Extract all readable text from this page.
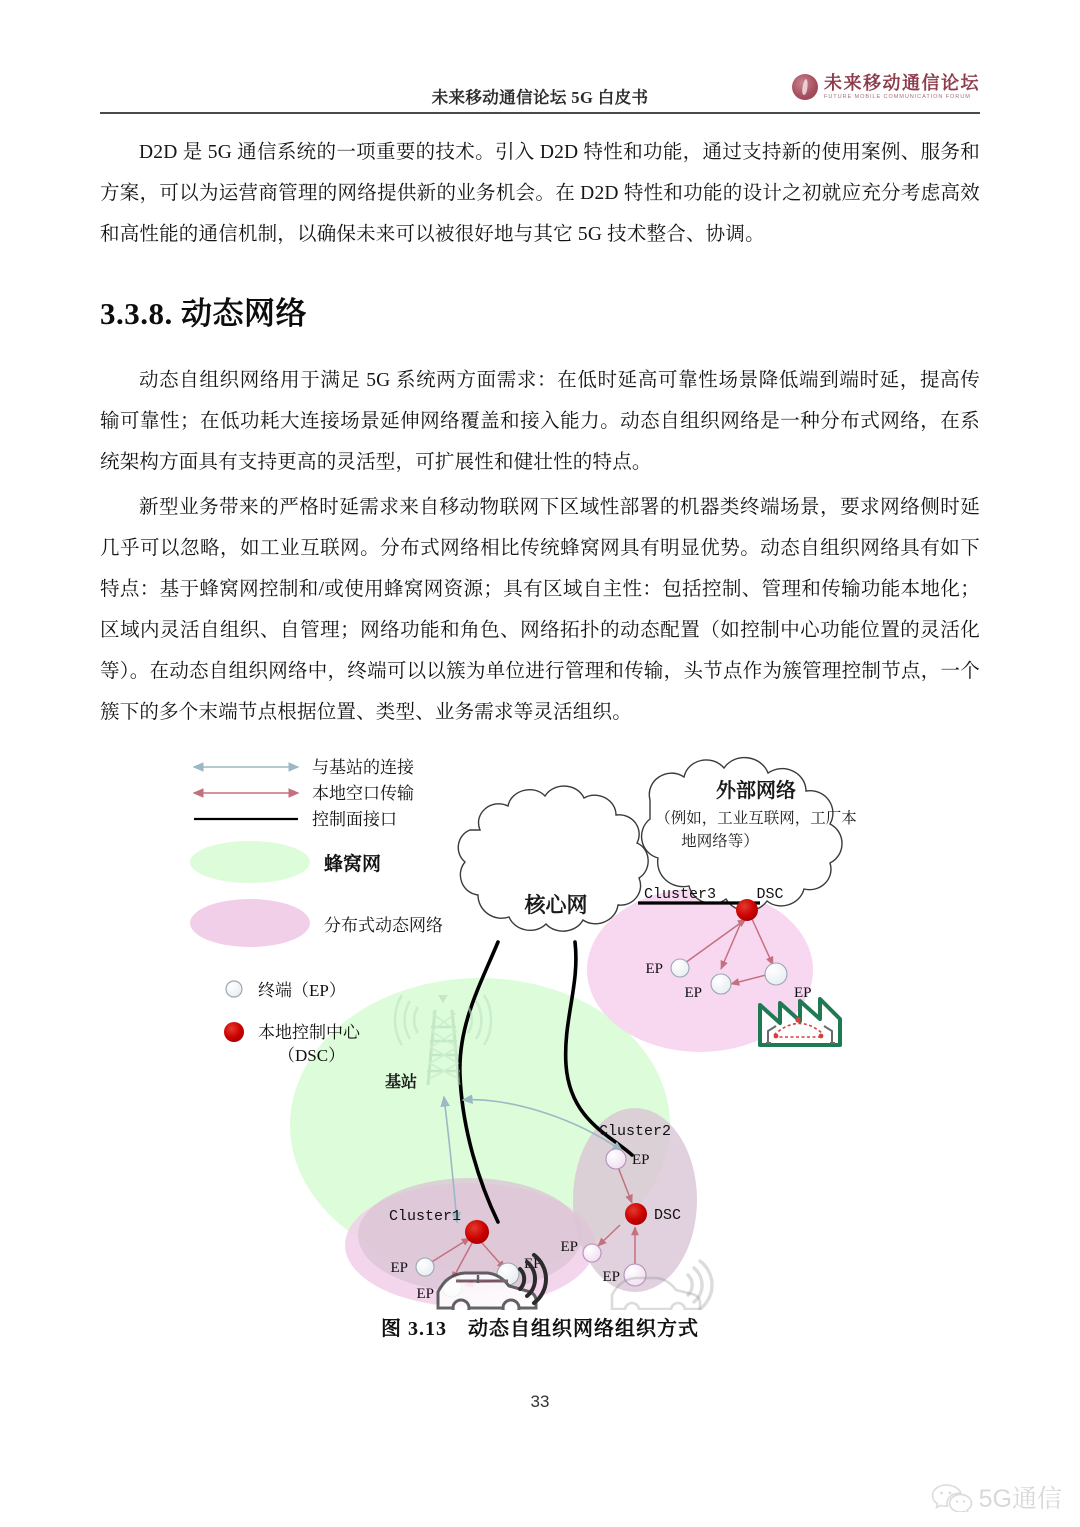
未来移动通信论坛 5G 白皮书
未来移动通信论坛
FUTURE MOBILE COMMUNICATION FORUM
D2D 是 5G 通信系统的一项重要的技术。引入 D2D 特性和功能，通过支持新的使用案例、服务和方案，可以为运营商管理的网络提供新的业务机会。在 D2D 特性和功能的设计之初就应充分考虑高效和高性能的通信机制，以确保未来可以被很好地与其它 5G 技术整合、协调。
3.3.8. 动态网络
动态自组织网络用于满足 5G 系统两方面需求：在低时延高可靠性场景降低端到端时延，提高传输可靠性；在低功耗大连接场景延伸网络覆盖和接入能力。动态自组织网络是一种分布式网络，在系统架构方面具有支持更高的灵活型，可扩展性和健壮性的特点。
新型业务带来的严格时延需求来自移动物联网下区域性部署的机器类终端场景，要求网络侧时延几乎可以忽略，如工业互联网。分布式网络相比传统蜂窝网具有明显优势。动态自组织网络具有如下特点：基于蜂窝网控制和/或使用蜂窝网资源；具有区域自主性：包括控制、管理和传输功能本地化；区域内灵活自组织、自管理；网络功能和角色、网络拓扑的动态配置（如控制中心功能位置的灵活化等）。在动态自组织网络中，终端可以以簇为单位进行管理和传输，头节点作为簇管理控制节点，一个簇下的多个末端节点根据位置、类型、业务需求等灵活组织。
核心网
外部网络
（例如，工业互联网，工厂本
地网络等）
基站
Cluster3	DSC
EP
EP	EP
Cluster2
EP
EP
EP
DSC
Cluster1
EP
EP
EP
与基站的连接
本地空口传输
控制面接口
蜂窝网
分布式动态网络
终端（EP）
本地控制中心
（DSC）
图 3.13　动态自组织网络组织方式
33
5G通信
